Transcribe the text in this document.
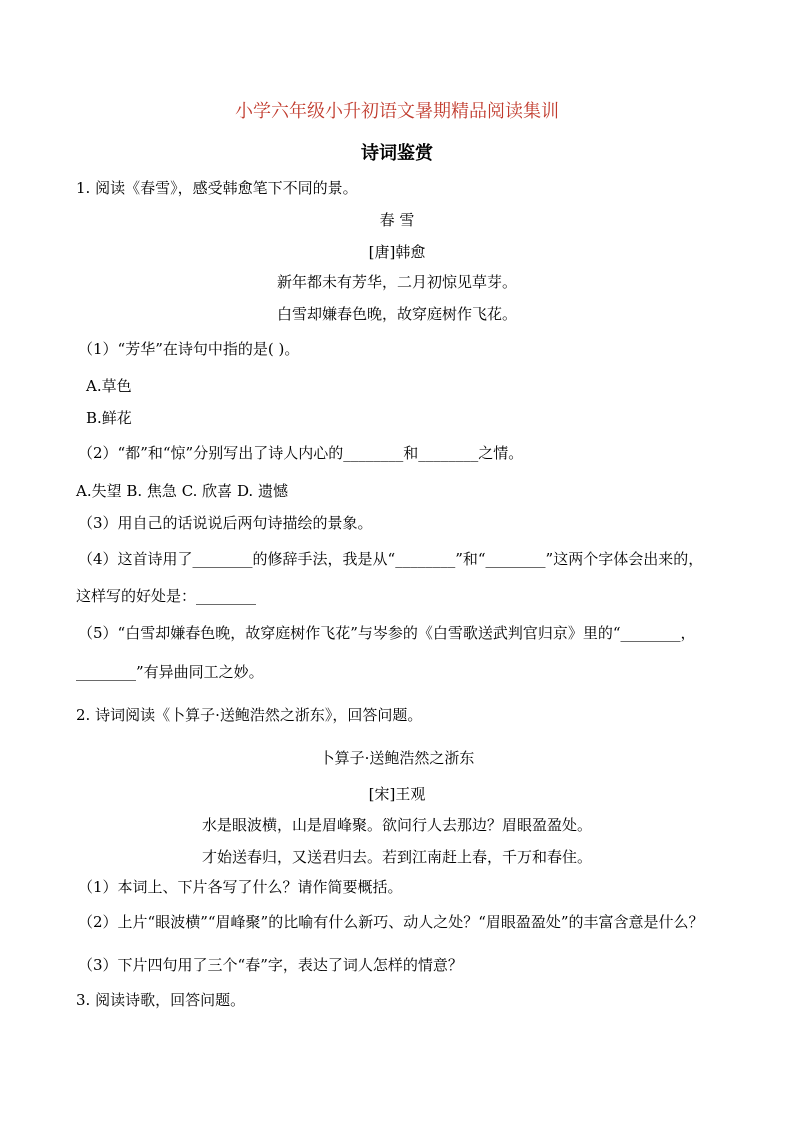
小学六年级小升初语文暑期精品阅读集训
诗词鉴赏
1. 阅读《春雪》，感受韩愈笔下不同的景。
春 雪
[唐]韩愈
新年都未有芳华，二月初惊见草芽。
白雪却嫌春色晚，故穿庭树作飞花。
（1）“芳华”在诗句中指的是( )。
A.草色
B.鲜花
（2）“都”和“惊”分别写出了诗人内心的________和________之情。
A.失望 B. 焦急 C. 欣喜 D. 遗憾
（3）用自己的话说说后两句诗描绘的景象。
（4）这首诗用了________的修辞手法，我是从“________”和“________”这两个字体会出来的，
这样写的好处是：________
（5）“白雪却嫌春色晚，故穿庭树作飞花”与岑参的《白雪歌送武判官归京》里的“________，
________”有异曲同工之妙。
2. 诗词阅读《卜算子·送鲍浩然之浙东》，回答问题。
卜算子·送鲍浩然之浙东
[宋]王观
水是眼波横，山是眉峰聚。欲问行人去那边？眉眼盈盈处。
才始送春归，又送君归去。若到江南赶上春，千万和春住。
（1）本词上、下片各写了什么？请作简要概括。
（2）上片“眼波横”“眉峰聚”的比喻有什么新巧、动人之处？“眉眼盈盈处”的丰富含意是什么？
（3）下片四句用了三个“春”字，表达了词人怎样的情意？
3. 阅读诗歌，回答问题。
